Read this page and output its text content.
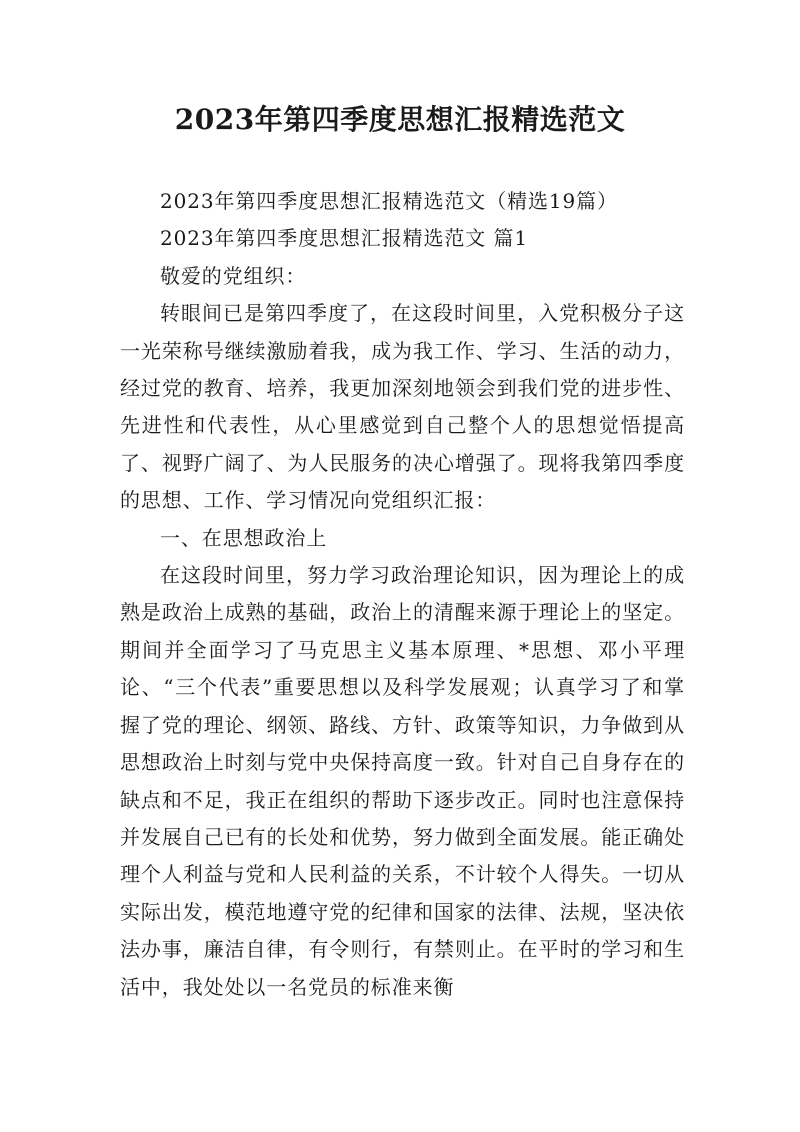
2023年第四季度思想汇报精选范文

2023年第四季度思想汇报精选范文（精选19篇）

2023年第四季度思想汇报精选范文 篇1

敬爱的党组织：

转眼间已是第四季度了，在这段时间里，入党积极分子这一光荣称号继续激励着我，成为我工作、学习、生活的动力，经过党的教育、培养，我更加深刻地领会到我们党的进步性、先进性和代表性，从心里感觉到自己整个人的思想觉悟提高了、视野广阔了、为人民服务的决心增强了。现将我第四季度的思想、工作、学习情况向党组织汇报：

一、在思想政治上

在这段时间里，努力学习政治理论知识，因为理论上的成熟是政治上成熟的基础，政治上的清醒来源于理论上的坚定。期间并全面学习了马克思主义基本原理、*思想、邓小平理论、“三个代表”重要思想以及科学发展观；认真学习了和掌握了党的理论、纲领、路线、方针、政策等知识，力争做到从思想政治上时刻与党中央保持高度一致。针对自己自身存在的缺点和不足，我正在组织的帮助下逐步改正。同时也注意保持并发展自己已有的长处和优势，努力做到全面发展。能正确处理个人利益与党和人民利益的关系，不计较个人得失。一切从实际出发，模范地遵守党的纪律和国家的法律、法规，坚决依法办事，廉洁自律，有令则行，有禁则止。在平时的学习和生活中，我处处以一名党员的标准来衡
